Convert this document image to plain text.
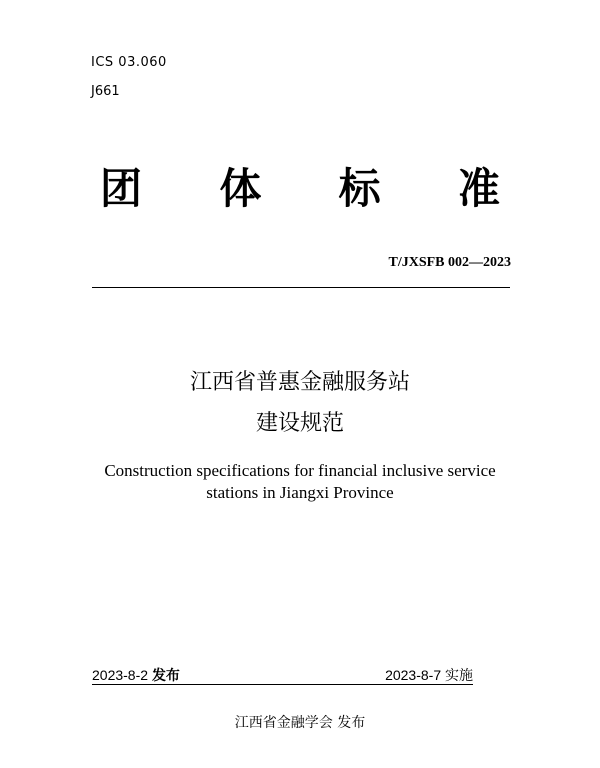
ICS 03.060
J661
团 体 标 准
T/JXSFB 002—2023
江西省普惠金融服务站
建设规范
Construction specifications for financial inclusive service
stations in Jiangxi Province
2023-8-2 发布	2023-8-7 实施
江西省金融学会 发布
